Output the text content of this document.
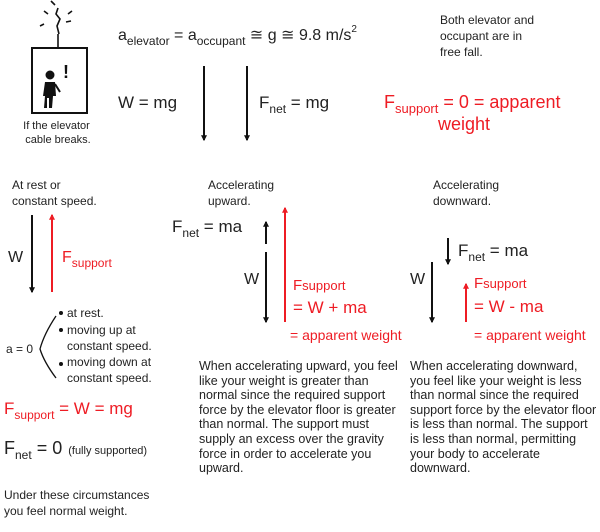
!
If the elevator cable breaks.
$a_{elevator} = a_{occupant}$ ≅ g ≅ 9.8 $m/s^2$
Both elevator and occupant are in free fall.
W = mg	$F_{net}$ = mg	$F_{support} = 0$ = apparent
weight
At rest or constant speed.
W $F_{support}$
a = 0
at rest.
moving up at constant speed.
moving down at constant speed.
$F_{support} = W$ = mg
$F_{net} = 0$ (fully supported)
Under these circumstances you feel normal weight.
Accelerating upward.
$F_{net}$ = ma
W Fsupport
= W + ma
= apparent weight
Accelerating downward.
$F_{net}$ = ma
W	Fsupport
= W - ma
= apparent weight

When accelerating upward, you feel like your weight is greater than normal since the required support force by the elevator floor is greater than normal. The support must supply an excess over the gravity force in order to accelerate you upward.

When accelerating downward, you feel like your weight is less than normal since the required support force by the elevator floor is less than normal. The support is less than normal, permitting your body to accelerate downward.
